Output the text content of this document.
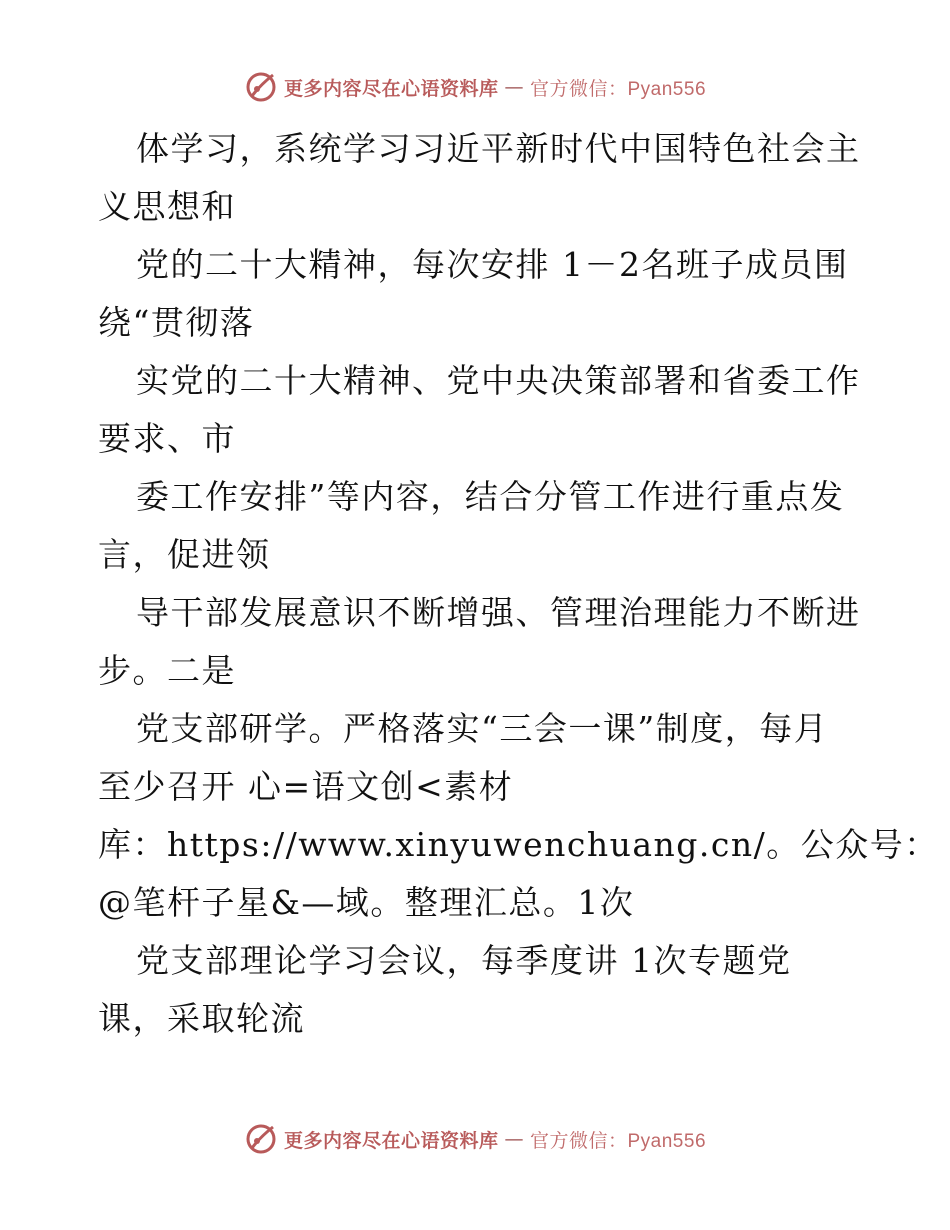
更多内容尽在心语资料库 — 官方微信：Pyan556
体学习，系统学习习近平新时代中国特色社会主
义思想和
党的二十大精神，每次安排 1－2名班子成员围
绕“贯彻落
实党的二十大精神、党中央决策部署和省委工作
要求、市
委工作安排”等内容，结合分管工作进行重点发
言，促进领
导干部发展意识不断增强、管理治理能力不断进
步。二是
党支部研学。严格落实“三会一课”制度，每月
至少召开 心=语文创<素材
库：https://www.xinyuwenchuang.cn/。公众号：
@笔杆子星&—域。整理汇总。1次
党支部理论学习会议，每季度讲 1次专题党
课，采取轮流
更多内容尽在心语资料库 — 官方微信：Pyan556
